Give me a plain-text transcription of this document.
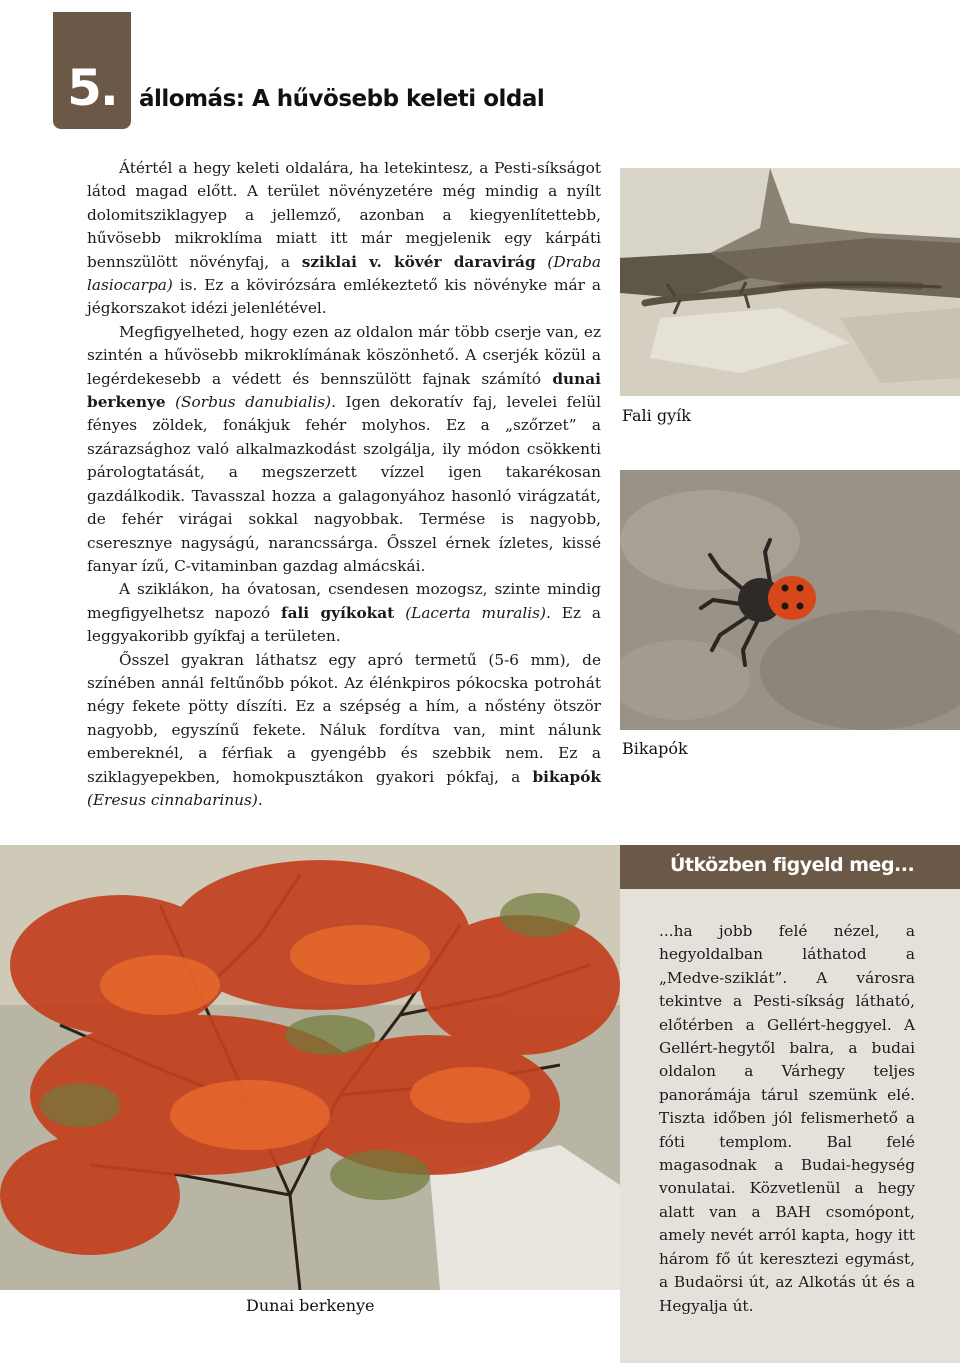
5. állomás: A hűvösebb keleti oldal

Átértél a hegy keleti oldalára, ha letekintesz, a Pesti-síkságot látod magad előtt. A terület növényzetére még mindig a nyílt dolomitsziklagyep a jellemző, azonban a kiegyenlítettebb, hűvösebb mikroklíma miatt itt már megjelenik egy kárpáti bennszülött növényfaj, a sziklai v. kövér daravirág (Draba lasiocarpa) is. Ez a kövirózsára emlékeztető kis növényke már a jégkorszakot idézi jelenlétével.

Megfigyelheted, hogy ezen az oldalon már több cserje van, ez szintén a hűvösebb mikroklímának köszönhető. A cserjék közül a legérdekesebb a védett és bennszülött fajnak számító dunai berkenye (Sorbus danubialis). Igen dekoratív faj, levelei felül fényes zöldek, fonákjuk fehér molyhos. Ez a „szőrzet” a szárazsághoz való alkalmazkodást szolgálja, ily módon csökkenti párologtatását, a megszerzett vízzel igen takarékosan gazdálkodik. Tavasszal hozza a galagonyához hasonló virágzatát, de fehér virágai sokkal nagyobbak. Termése is nagyobb, cseresznye nagyságú, narancssárga. Ősszel érnek ízletes, kissé fanyar ízű, C-vitaminban gazdag almácskái.

A sziklákon, ha óvatosan, csendesen mozogsz, szinte mindig megfigyelhetsz napozó fali gyíkokat (Lacerta muralis). Ez a leggyakoribb gyíkfaj a területen.

Ősszel gyakran láthatsz egy apró termetű (5-6 mm), de színében annál feltűnőbb pókot. Az élénkpiros pókocska potrohát négy fekete pötty díszíti. Ez a szépség a hím, a nőstény ötször nagyobb, egyszínű fekete. Náluk fordítva van, mint nálunk embereknél, a férfiak a gyengébb és szebbik nem. Ez a sziklagyepekben, homokpusztákon gyakori pókfaj, a bikapók (Eresus cinnabarinus).

Fali gyík
Bikapók
Dunai berkenye
Útközben figyeld meg...

...ha jobb felé nézel, a hegyoldalban láthatod a „Medve-sziklát”. A városra tekintve a Pesti-síkság látható, előtérben a Gellért-heggyel. A Gellért-hegytől balra, a budai oldalon a Várhegy teljes panorámája tárul szemünk elé. Tiszta időben jól felismerhető a fóti templom. Bal felé magasodnak a Budai-hegység vonulatai. Közvetlenül a hegy alatt van a BAH csomópont, amely nevét arról kapta, hogy itt három fő út keresztezi egymást, a Budaörsi út, az Alkotás út és a Hegyalja út.
